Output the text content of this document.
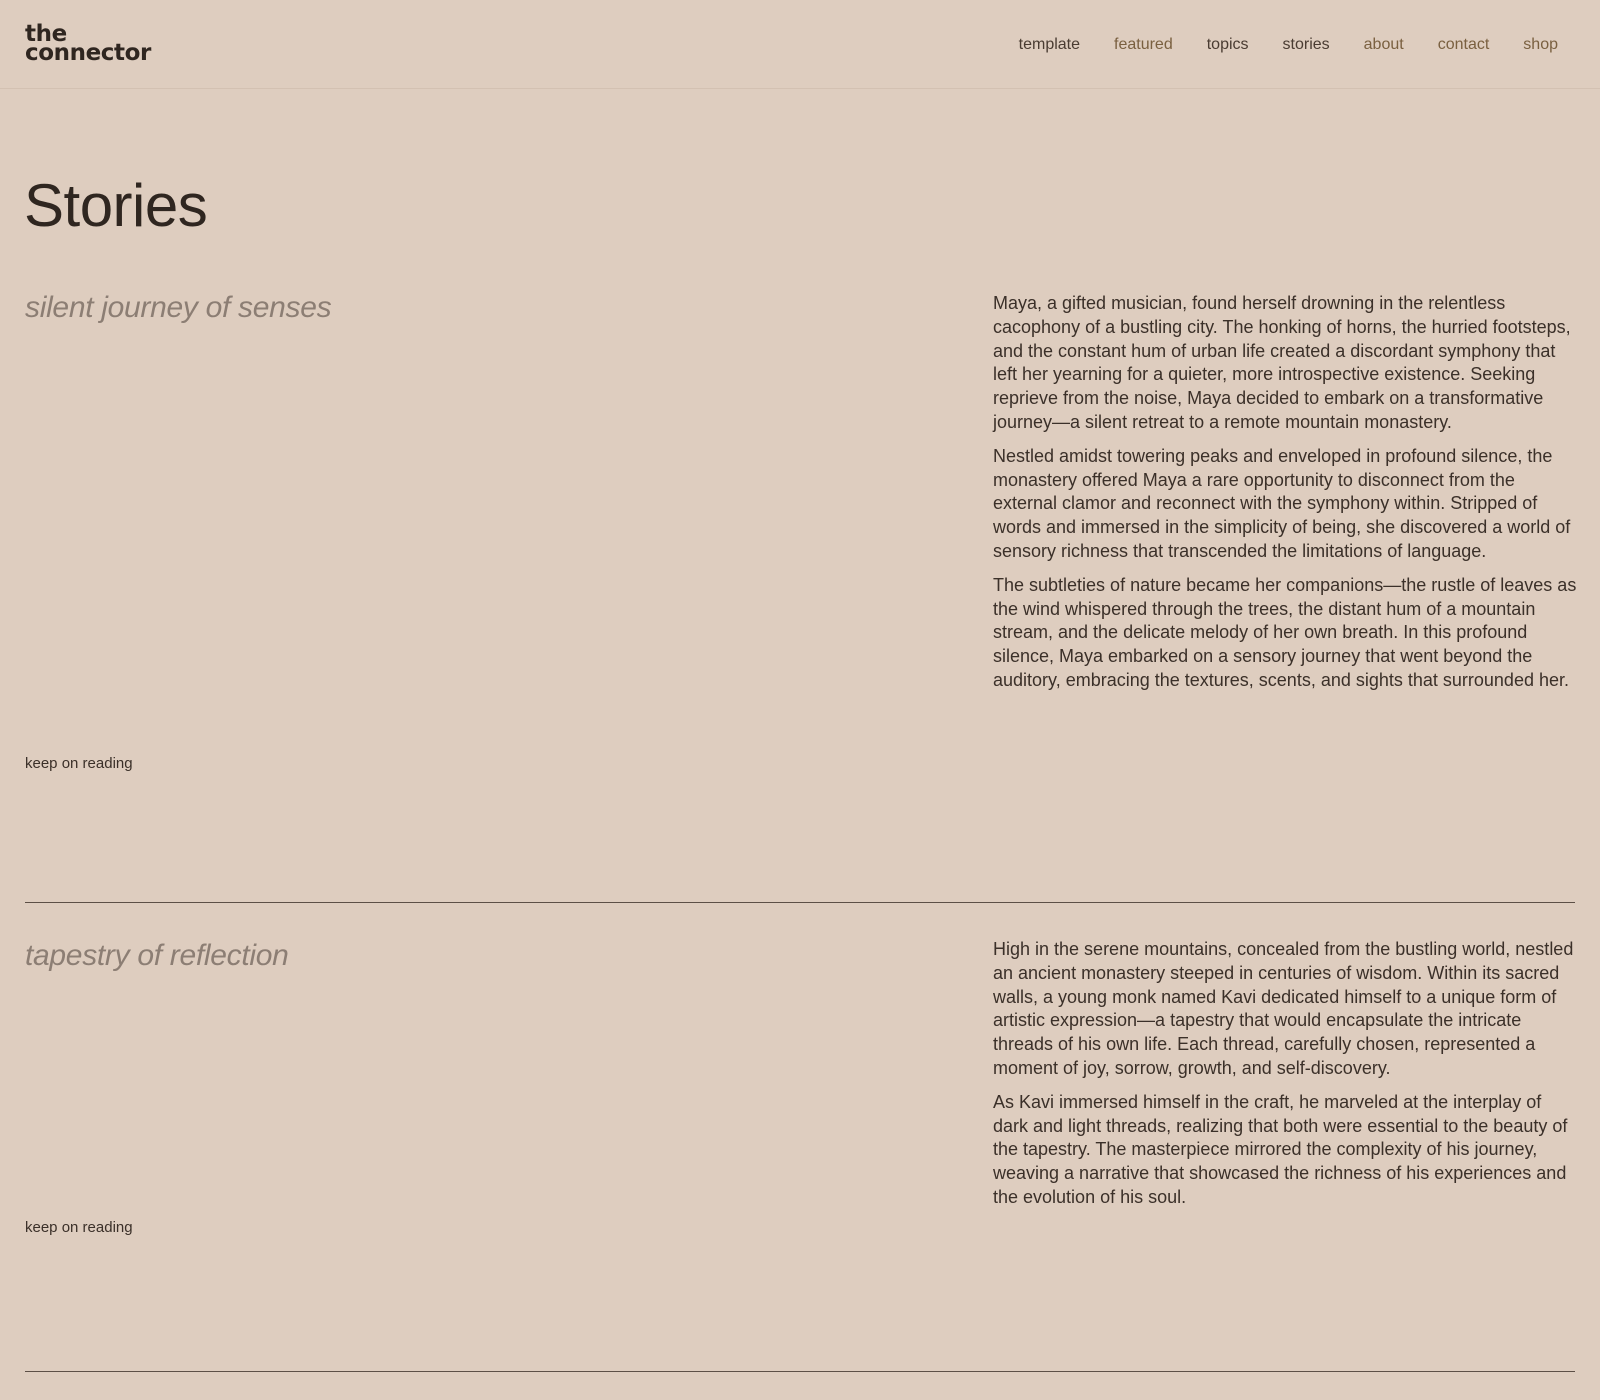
the
connector	template featured topics stories about contact shop
Stories
silent journey of senses
keep on reading

Maya, a gifted musician, found herself drowning in the relentless cacophony of a bustling city. The honking of horns, the hurried footsteps, and the constant hum of urban life created a discordant symphony that left her yearning for a quieter, more introspective existence. Seeking reprieve from the noise, Maya decided to embark on a transformative journey—a silent retreat to a remote mountain monastery.

Nestled amidst towering peaks and enveloped in profound silence, the monastery offered Maya a rare opportunity to disconnect from the external clamor and reconnect with the symphony within. Stripped of words and immersed in the simplicity of being, she discovered a world of sensory richness that transcended the limitations of language.

The subtleties of nature became her companions—the rustle of leaves as the wind whispered through the trees, the distant hum of a mountain stream, and the delicate melody of her own breath. In this profound silence, Maya embarked on a sensory journey that went beyond the auditory, embracing the textures, scents, and sights that surrounded her.

tapestry of reflection
keep on reading

High in the serene mountains, concealed from the bustling world, nestled an ancient monastery steeped in centuries of wisdom. Within its sacred walls, a young monk named Kavi dedicated himself to a unique form of artistic expression—a tapestry that would encapsulate the intricate threads of his own life. Each thread, carefully chosen, represented a moment of joy, sorrow, growth, and self-discovery.

As Kavi immersed himself in the craft, he marveled at the interplay of dark and light threads, realizing that both were essential to the beauty of the tapestry. The masterpiece mirrored the complexity of his journey, weaving a narrative that showcased the richness of his experiences and the evolution of his soul.
